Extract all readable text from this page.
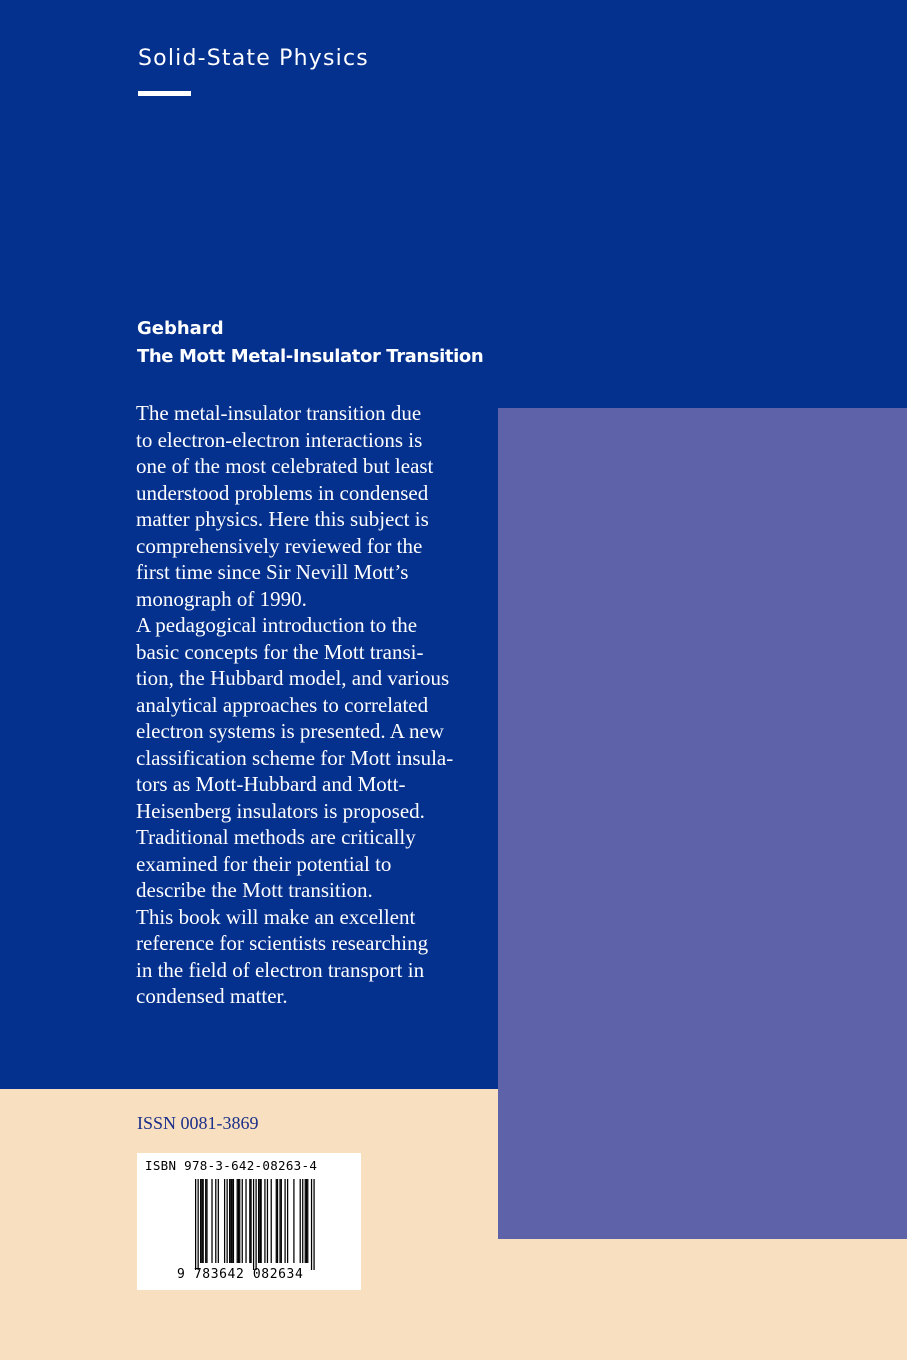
Solid-State Physics
Gebhard
The Mott Metal-Insulator Transition
The metal-insulator transition due
to electron-electron interactions is
one of the most celebrated but least
understood problems in condensed
matter physics. Here this subject is
comprehensively reviewed for the
first time since Sir Nevill Mott’s
monograph of 1990.
A pedagogical introduction to the
basic concepts for the Mott transi-
tion, the Hubbard model, and various
analytical approaches to correlated
electron systems is presented. A new
classification scheme for Mott insula-
tors as Mott-Hubbard and Mott-
Heisenberg insulators is proposed.
Traditional methods are critically
examined for their potential to
describe the Mott transition.
This book will make an excellent
reference for scientists researching
in the field of electron transport in
condensed matter.
ISSN 0081-3869
ISBN 978-3-642-08263-4
9 783642 082634
